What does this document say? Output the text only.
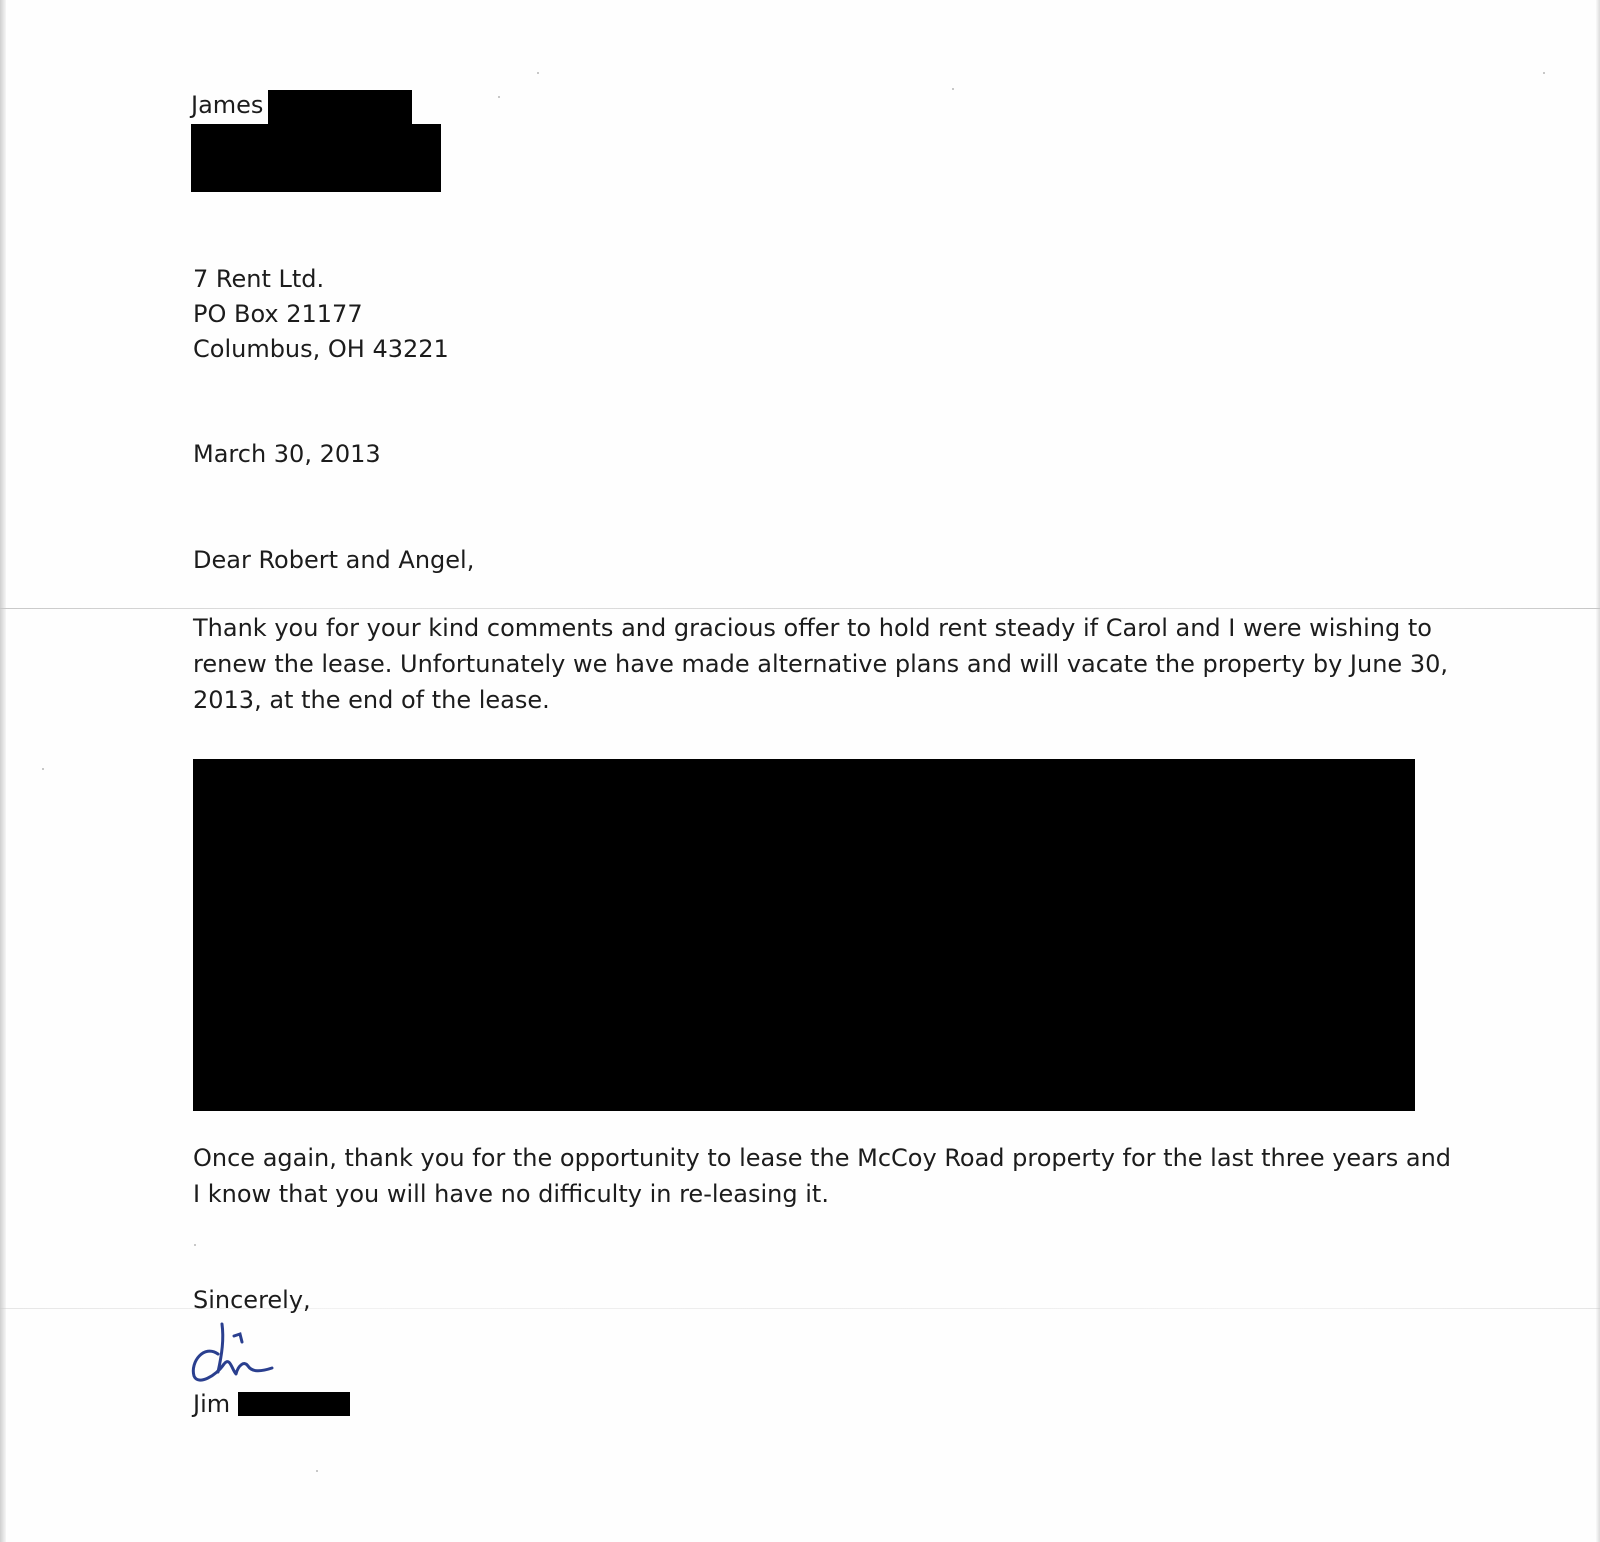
James
7 Rent Ltd.
PO Box 21177
Columbus, OH 43221
March 30, 2013
Dear Robert and Angel,
Thank you for your kind comments and gracious offer to hold rent steady if Carol and I were wishing to
renew the lease. Unfortunately we have made alternative plans and will vacate the property by June 30,
2013, at the end of the lease.
Once again, thank you for the opportunity to lease the McCoy Road property for the last three years and
I know that you will have no difficulty in re-leasing it.
Sincerely,
Jim
